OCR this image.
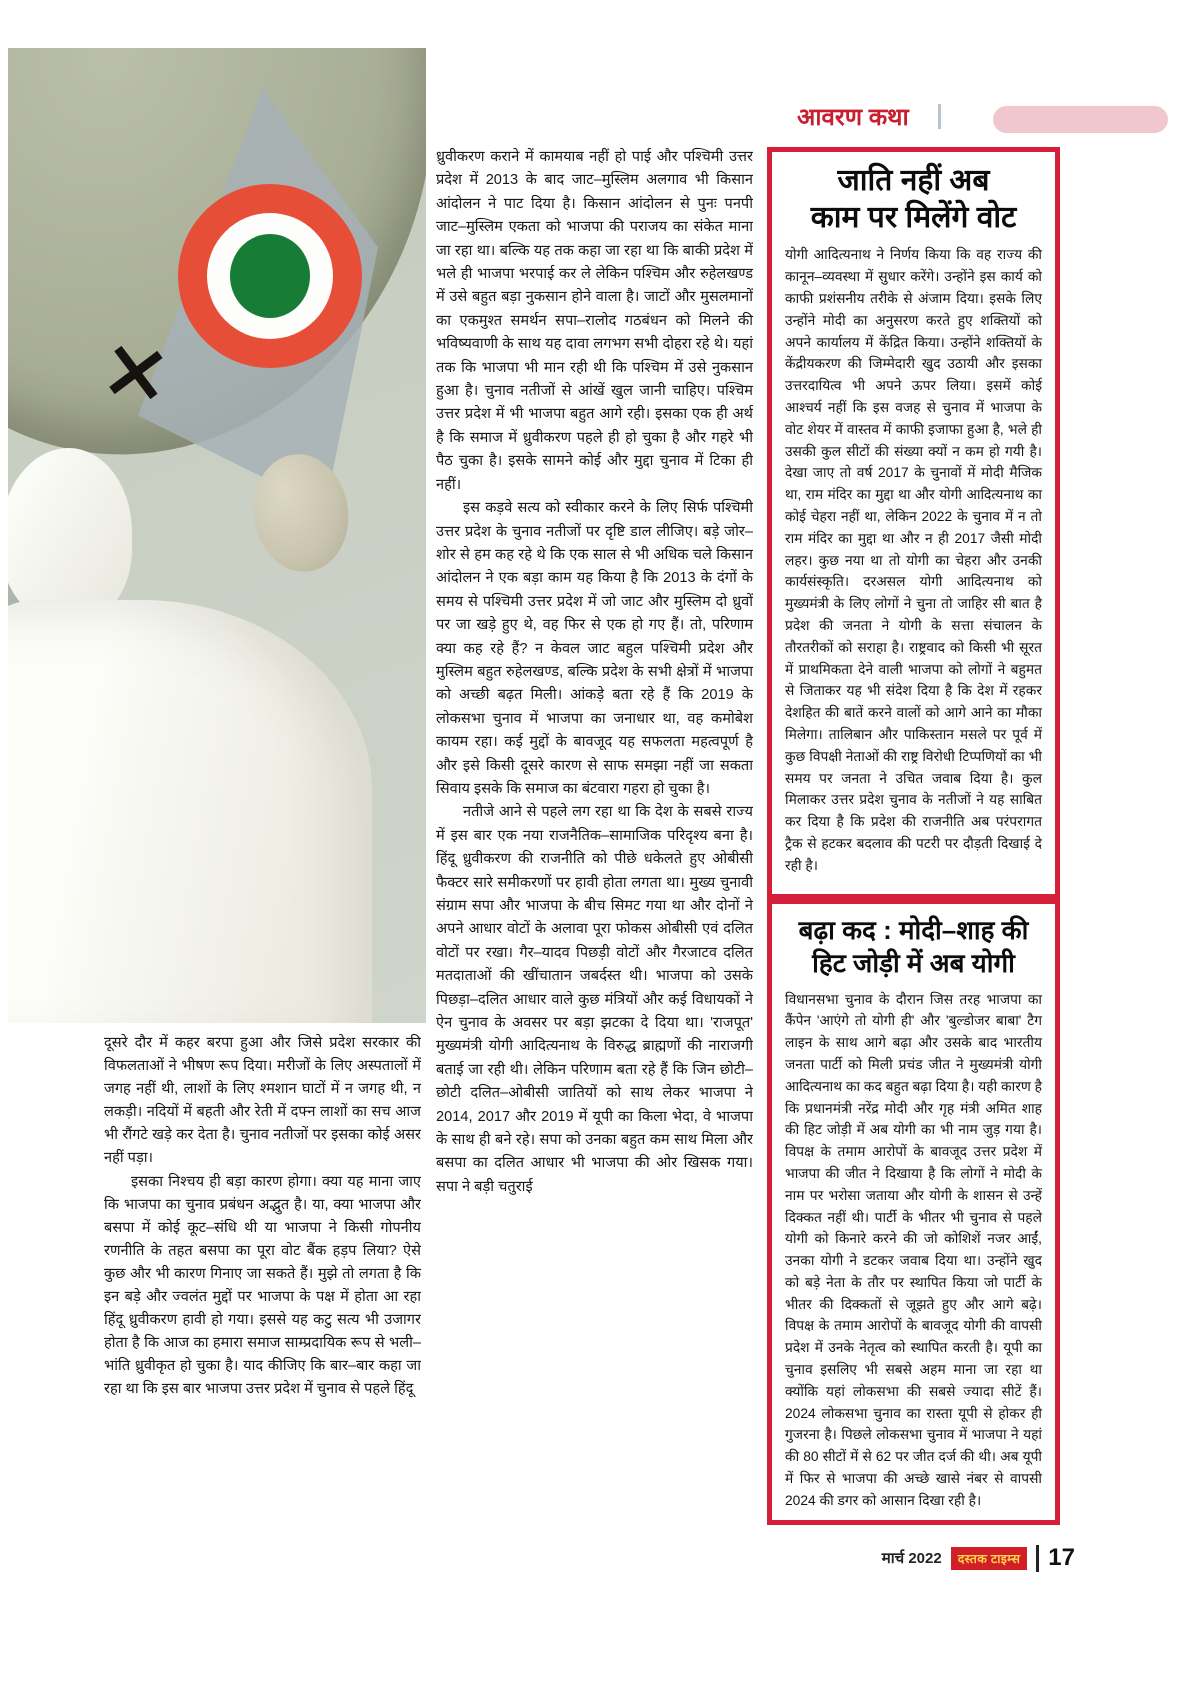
आवरण कथा
जाति नहीं अब
काम पर मिलेंगे वोट

योगी आदित्यनाथ ने निर्णय किया कि वह राज्य की कानून–व्यवस्था में सुधार करेंगे। उन्होंने इस कार्य को काफी प्रशंसनीय तरीके से अंजाम दिया। इसके लिए उन्होंने मोदी का अनुसरण करते हुए शक्तियों को अपने कार्यालय में केंद्रित किया। उन्होंने शक्तियों के केंद्रीयकरण की जिम्मेदारी खुद उठायी और इसका उत्तरदायित्व भी अपने ऊपर लिया। इसमें कोई आश्चर्य नहीं कि इस वजह से चुनाव में भाजपा के वोट शेयर में वास्तव में काफी इजाफा हुआ है, भले ही उसकी कुल सीटों की संख्या क्यों न कम हो गयी है। देखा जाए तो वर्ष 2017 के चुनावों में मोदी मैजिक था, राम मंदिर का मुद्दा था और योगी आदित्यनाथ का कोई चेहरा नहीं था, लेकिन 2022 के चुनाव में न तो राम मंदिर का मुद्दा था और न ही 2017 जैसी मोदी लहर। कुछ नया था तो योगी का चेहरा और उनकी कार्यसंस्कृति। दरअसल योगी आदित्यनाथ को मुख्यमंत्री के लिए लोगों ने चुना तो जाहिर सी बात है प्रदेश की जनता ने योगी के सत्ता संचालन के तौरतरीकों को सराहा है। राष्ट्रवाद को किसी भी सूरत में प्राथमिकता देने वाली भाजपा को लोगों ने बहुमत से जिताकर यह भी संदेश दिया है कि देश में रहकर देशहित की बातें करने वालों को आगे आने का मौका मिलेगा। तालिबान और पाकिस्तान मसले पर पूर्व में कुछ विपक्षी नेताओं की राष्ट्र विरोधी टिप्पणियों का भी समय पर जनता ने उचित जवाब दिया है। कुल मिलाकर उत्तर प्रदेश चुनाव के नतीजों ने यह साबित कर दिया है कि प्रदेश की राजनीति अब परंपरागत ट्रैक से हटकर बदलाव की पटरी पर दौड़ती दिखाई दे रही है।

बढ़ा कद : मोदी–शाह की
हिट जोड़ी में अब योगी

विधानसभा चुनाव के दौरान जिस तरह भाजपा का कैंपेन 'आएंगे तो योगी ही' और 'बुल्डोजर बाबा' टैग लाइन के साथ आगे बढ़ा और उसके बाद भारतीय जनता पार्टी को मिली प्रचंड जीत ने मुख्यमंत्री योगी आदित्यनाथ का कद बहुत बढ़ा दिया है। यही कारण है कि प्रधानमंत्री नरेंद्र मोदी और गृह मंत्री अमित शाह की हिट जोड़ी में अब योगी का भी नाम जुड़ गया है। विपक्ष के तमाम आरोपों के बावजूद उत्तर प्रदेश में भाजपा की जीत ने दिखाया है कि लोगों ने मोदी के नाम पर भरोसा जताया और योगी के शासन से उन्हें दिक्कत नहीं थी। पार्टी के भीतर भी चुनाव से पहले योगी को किनारे करने की जो कोशिशें नजर आईं, उनका योगी ने डटकर जवाब दिया था। उन्होंने खुद को बड़े नेता के तौर पर स्थापित किया जो पार्टी के भीतर की दिक्कतों से जूझते हुए और आगे बढ़े। विपक्ष के तमाम आरोपों के बावजूद योगी की वापसी प्रदेश में उनके नेतृत्व को स्थापित करती है। यूपी का चुनाव इसलिए भी सबसे अहम माना जा रहा था क्योंकि यहां लोकसभा की सबसे ज्यादा सीटें हैं। 2024 लोकसभा चुनाव का रास्ता यूपी से होकर ही गुजरना है। पिछले लोकसभा चुनाव में भाजपा ने यहां की 80 सीटों में से 62 पर जीत दर्ज की थी। अब यूपी में फिर से भाजपा की अच्छे खासे नंबर से वापसी 2024 की डगर को आसान दिखा रही है।

दूसरे दौर में कहर बरपा हुआ और जिसे प्रदेश सरकार की विफलताओं ने भीषण रूप दिया। मरीजों के लिए अस्पतालों में जगह नहीं थी, लाशों के लिए श्मशान घाटों में न जगह थी, न लकड़ी। नदियों में बहती और रेती में दफ्न लाशों का सच आज भी रौंगटे खड़े कर देता है। चुनाव नतीजों पर इसका कोई असर नहीं पड़ा।

इसका निश्चय ही बड़ा कारण होगा। क्या यह माना जाए कि भाजपा का चुनाव प्रबंधन अद्भुत है। या, क्या भाजपा और बसपा में कोई कूट–संधि थी या भाजपा ने किसी गोपनीय रणनीति के तहत बसपा का पूरा वोट बैंक हड़प लिया? ऐसे कुछ और भी कारण गिनाए जा सकते हैं। मुझे तो लगता है कि इन बड़े और ज्वलंत मुद्दों पर भाजपा के पक्ष में होता आ रहा हिंदू ध्रुवीकरण हावी हो गया। इससे यह कटु सत्य भी उजागर होता है कि आज का हमारा समाज साम्प्रदायिक रूप से भली–भांति ध्रुवीकृत हो चुका है। याद कीजिए कि बार–बार कहा जा रहा था कि इस बार भाजपा उत्तर प्रदेश में चुनाव से पहले हिंदू

ध्रुवीकरण कराने में कामयाब नहीं हो पाई और पश्चिमी उत्तर प्रदेश में 2013 के बाद जाट–मुस्लिम अलगाव भी किसान आंदोलन ने पाट दिया है। किसान आंदोलन से पुनः पनपी जाट–मुस्लिम एकता को भाजपा की पराजय का संकेत माना जा रहा था। बल्कि यह तक कहा जा रहा था कि बाकी प्रदेश में भले ही भाजपा भरपाई कर ले लेकिन पश्चिम और रुहेलखण्ड में उसे बहुत बड़ा नुकसान होने वाला है। जाटों और मुसलमानों का एकमुश्त समर्थन सपा–रालोद गठबंधन को मिलने की भविष्यवाणी के साथ यह दावा लगभग सभी दोहरा रहे थे। यहां तक कि भाजपा भी मान रही थी कि पश्चिम में उसे नुकसान हुआ है। चुनाव नतीजों से आंखें खुल जानी चाहिए। पश्चिम उत्तर प्रदेश में भी भाजपा बहुत आगे रही। इसका एक ही अर्थ है कि समाज में ध्रुवीकरण पहले ही हो चुका है और गहरे भी पैठ चुका है। इसके सामने कोई और मुद्दा चुनाव में टिका ही नहीं।

इस कड़वे सत्य को स्वीकार करने के लिए सिर्फ पश्चिमी उत्तर प्रदेश के चुनाव नतीजों पर दृष्टि डाल लीजिए। बड़े जोर–शोर से हम कह रहे थे कि एक साल से भी अधिक चले किसान आंदोलन ने एक बड़ा काम यह किया है कि 2013 के दंगों के समय से पश्चिमी उत्तर प्रदेश में जो जाट और मुस्लिम दो ध्रुवों पर जा खड़े हुए थे, वह फिर से एक हो गए हैं। तो, परिणाम क्या कह रहे हैं? न केवल जाट बहुल पश्चिमी प्रदेश और मुस्लिम बहुत रुहेलखण्ड, बल्कि प्रदेश के सभी क्षेत्रों में भाजपा को अच्छी बढ़त मिली। आंकड़े बता रहे हैं कि 2019 के लोकसभा चुनाव में भाजपा का जनाधार था, वह कमोबेश कायम रहा। कई मुद्दों के बावजूद यह सफलता महत्वपूर्ण है और इसे किसी दूसरे कारण से साफ समझा नहीं जा सकता सिवाय इसके कि समाज का बंटवारा गहरा हो चुका है।

नतीजे आने से पहले लग रहा था कि देश के सबसे राज्य में इस बार एक नया राजनैतिक–सामाजिक परिदृश्य बना है। हिंदू ध्रुवीकरण की राजनीति को पीछे धकेलते हुए ओबीसी फैक्टर सारे समीकरणों पर हावी होता लगता था। मुख्य चुनावी संग्राम सपा और भाजपा के बीच सिमट गया था और दोनों ने अपने आधार वोटों के अलावा पूरा फोकस ओबीसी एवं दलित वोटों पर रखा। गैर–यादव पिछड़ी वोटों और गैरजाटव दलित मतदाताओं की खींचातान जबर्दस्त थी। भाजपा को उसके पिछड़ा–दलित आधार वाले कुछ मंत्रियों और कई विधायकों ने ऐन चुनाव के अवसर पर बड़ा झटका दे दिया था। 'राजपूत' मुख्यमंत्री योगी आदित्यनाथ के विरुद्ध ब्राह्मणों की नाराजगी बताई जा रही थी। लेकिन परिणाम बता रहे हैं कि जिन छोटी–छोटी दलित–ओबीसी जातियों को साथ लेकर भाजपा ने 2014, 2017 और 2019 में यूपी का किला भेदा, वे भाजपा के साथ ही बने रहे। सपा को उनका बहुत कम साथ मिला और बसपा का दलित आधार भी भाजपा की ओर खिसक गया। सपा ने बड़ी चतुराई

मार्च 2022	दस्तक टाइम्स 17
